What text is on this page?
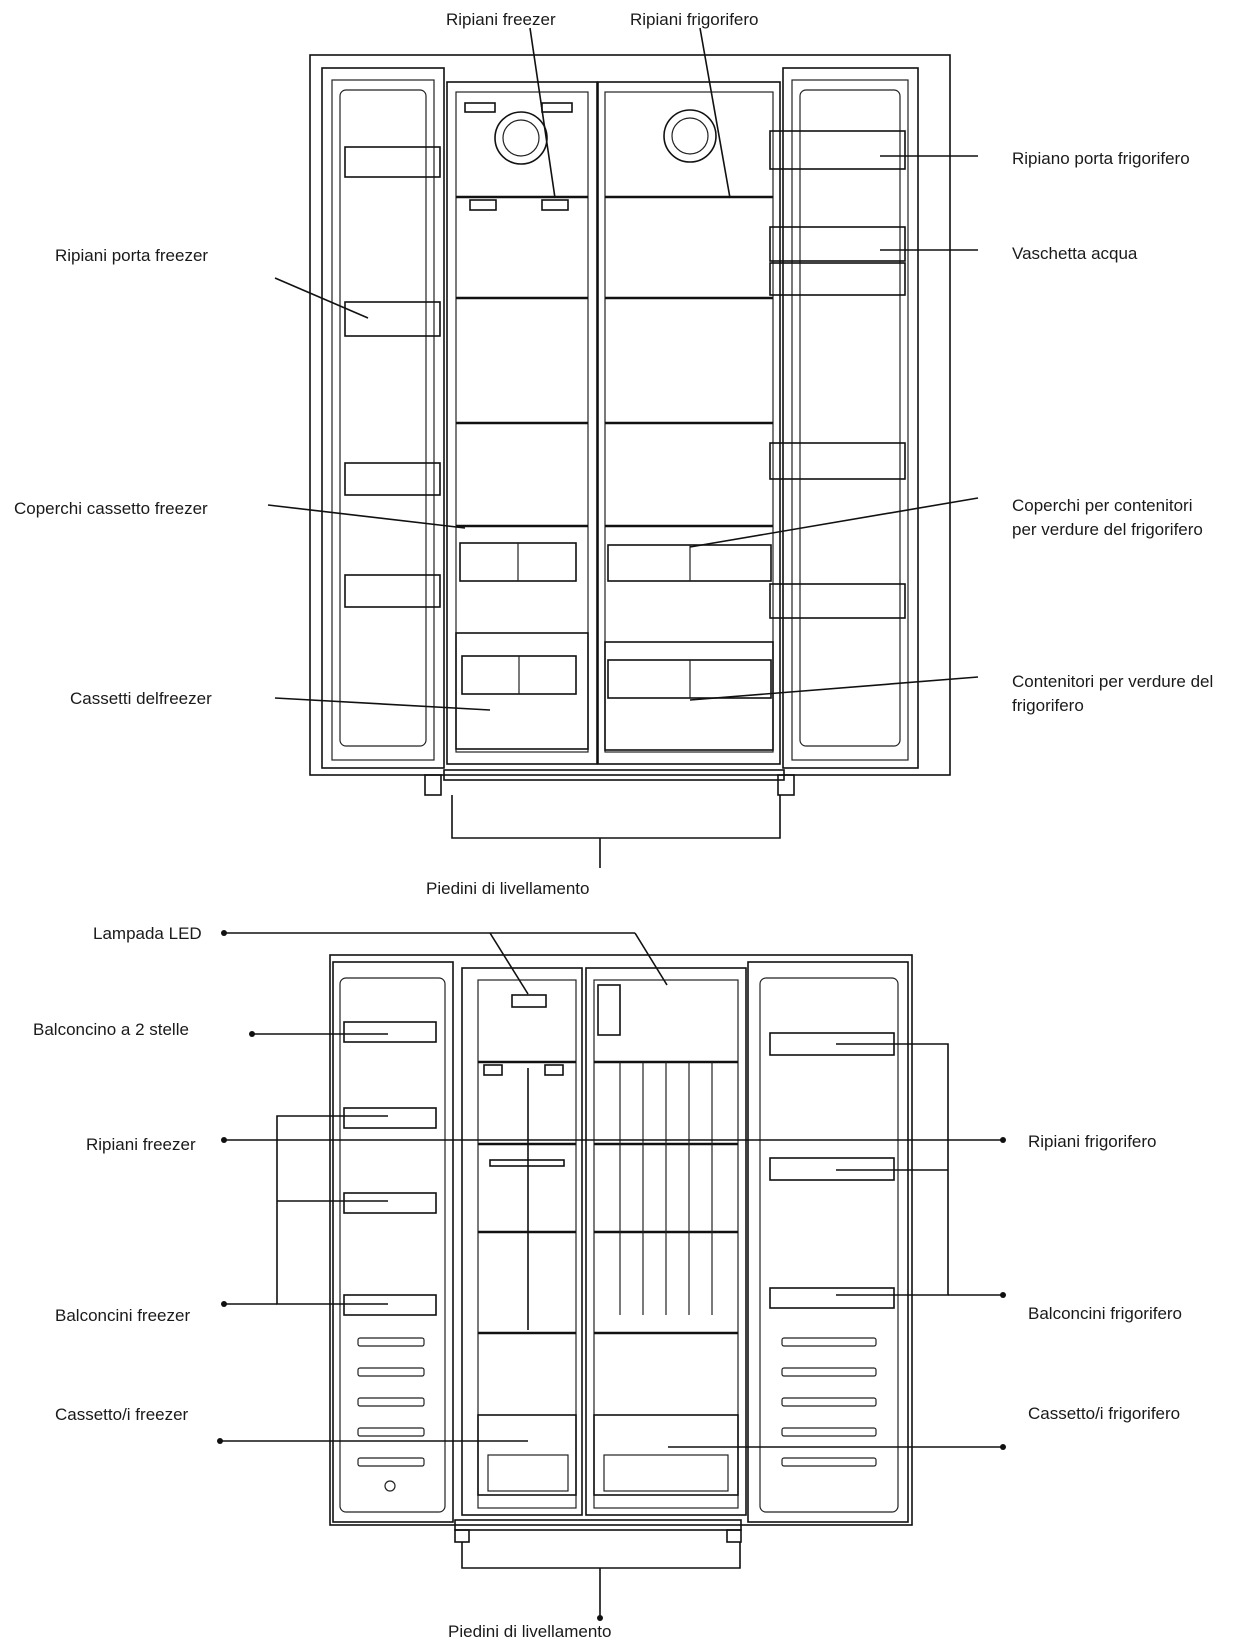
Ripiani freezer	Ripiani frigorifero
Ripiano porta frigorifero
Ripiani porta freezer	Vaschetta acqua
Coperchi cassetto freezer	Coperchi per contenitori
per verdure del frigorifero
Cassetti delfreezer
Contenitori per verdure del
frigorifero
Piedini di livellamento
Lampada LED
Balconcino a 2 stelle
Ripiani freezer
Balconcini freezer
Cassetto/i freezer
Ripiani frigorifero
Balconcini frigorifero
Cassetto/i frigorifero
Piedini di livellamento
